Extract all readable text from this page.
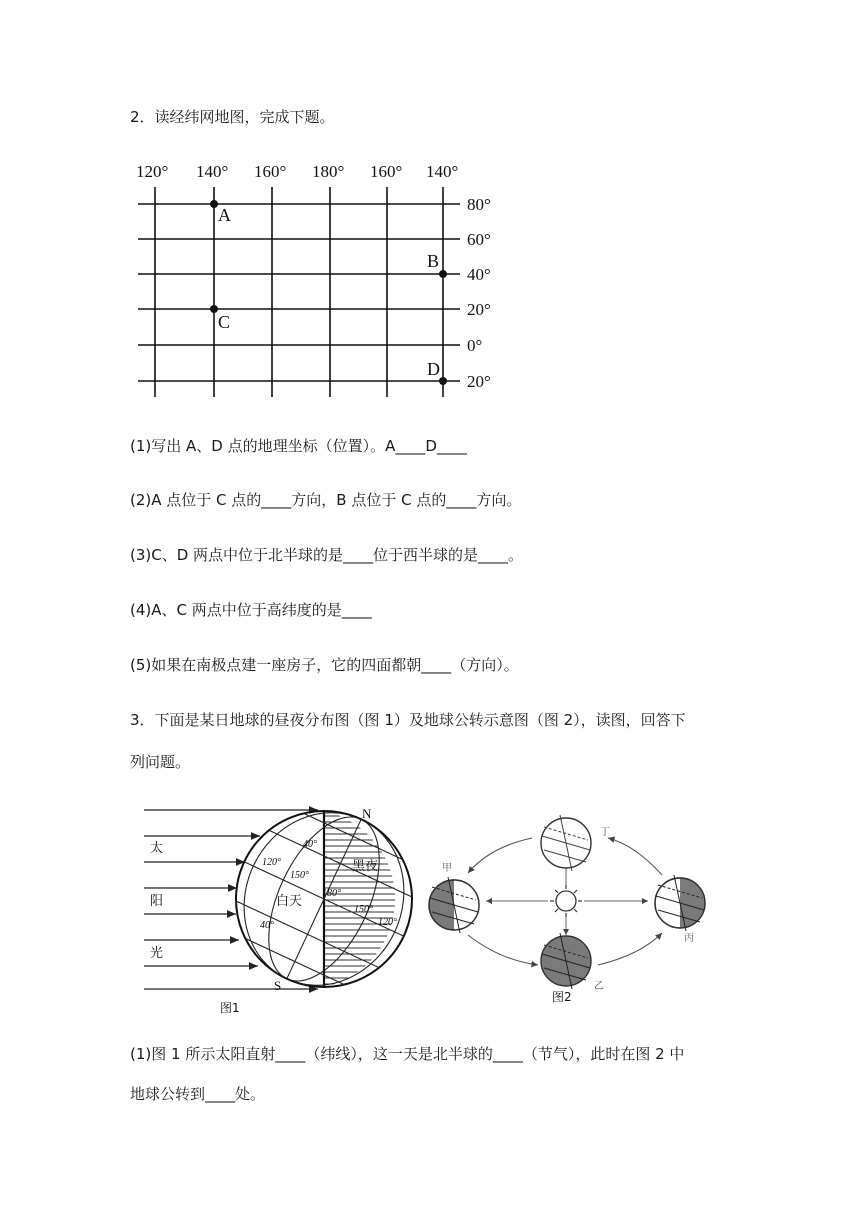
2．读经纬网地图，完成下题。
120° 140° 160° 180° 160° 140°
80°
60°
40°
20°
0°
20°
A
C
B
D
(1)写出 A、D 点的地理坐标（位置）。A____D____
(2)A 点位于 C 点的____方向，B 点位于 C 点的____方向。
(3)C、D 两点中位于北半球的是____位于西半球的是____。
(4)A、C 两点中位于高纬度的是____
(5)如果在南极点建一座房子，它的四面都朝____（方向）。
3．下面是某日地球的昼夜分布图（图 1）及地球公转示意图（图 2），读图，回答下
列问题。
太
阳
光
N
S
白天
黑夜
40°
40°
120°
150°
180°
150°
120°
图1
丁
甲
乙
丙
图2
(1)图 1 所示太阳直射____（纬线），这一天是北半球的____（节气），此时在图 2 中
地球公转到____处。
